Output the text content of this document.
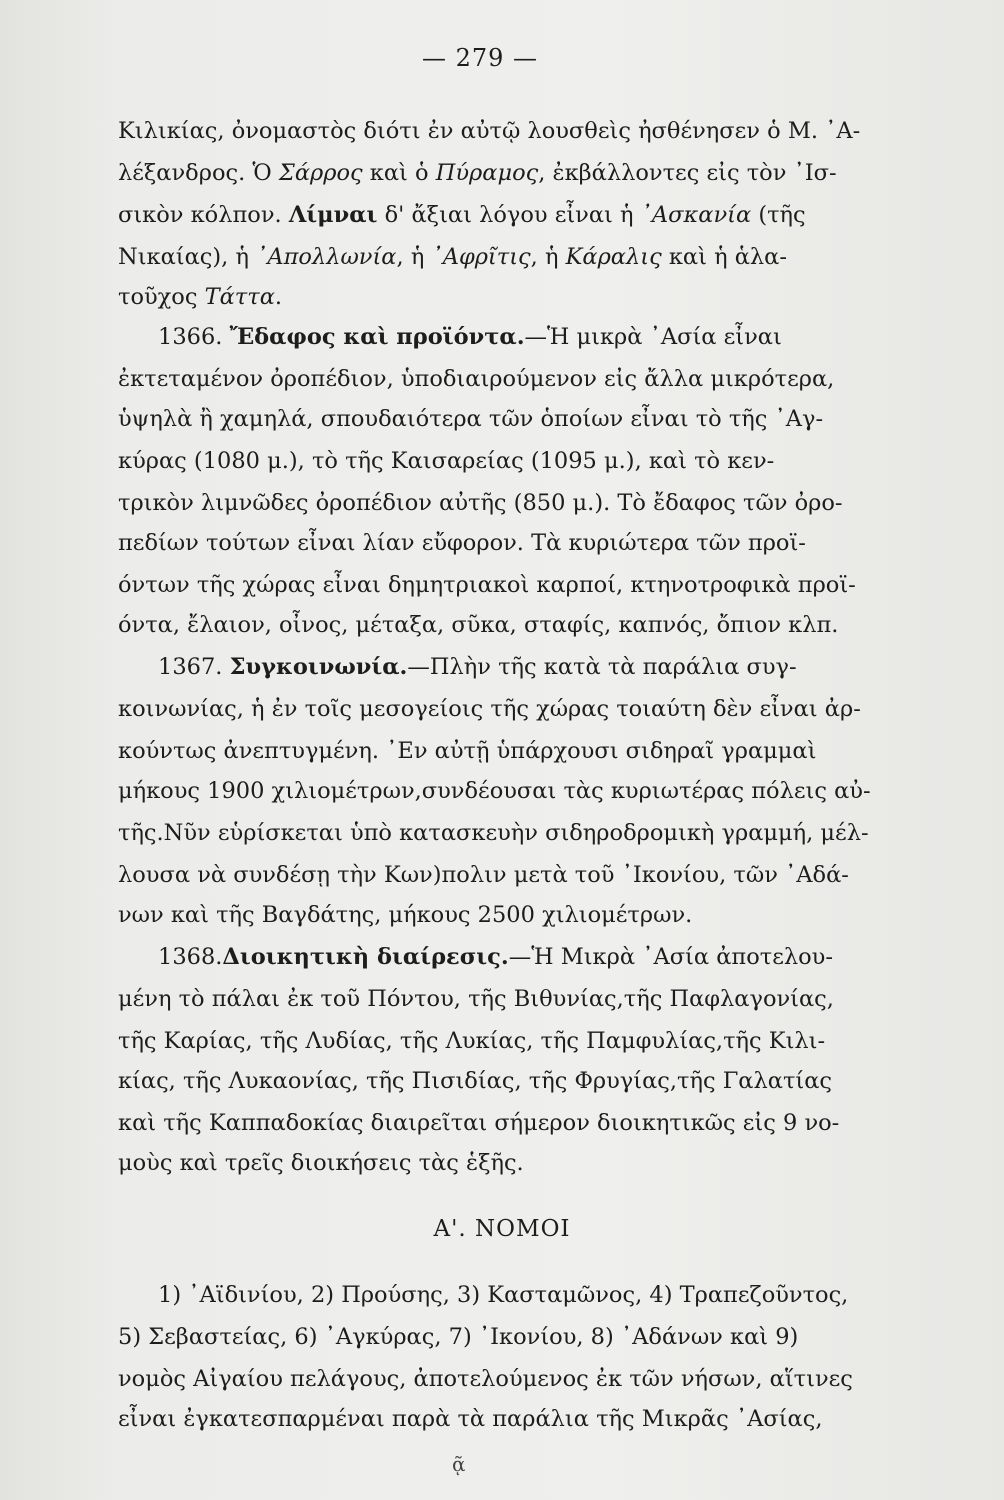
— 279 —
Κιλικίας, ὀνομαστὸς διότι ἐν αὐτῷ λουσθεὶς ἠσθένησεν ὁ Μ. ᾿Α-
λέξανδρος. Ὁ Σάρρος καὶ ὁ Πύραμος, ἐκβάλλοντες εἰς τὸν ᾿Ισ-
σικὸν κόλπον. Λίμναι δ' ἄξιαι λόγου εἶναι ἡ ᾿Ασκανία (τῆς
Νικαίας), ἡ ᾿Απολλωνία, ἡ ᾿Αφρῖτις, ἡ Κάραλις καὶ ἡ ἁλα-
τοῦχος Τάττα.
1366. Ἔδαφος καὶ προϊόντα.—Ἡ μικρὰ ᾿Ασία εἶναι
ἐκτεταμένον ὀροπέδιον, ὑποδιαιρούμενον εἰς ἄλλα μικρότερα,
ὑψηλὰ ἢ χαμηλά, σπουδαιότερα τῶν ὁποίων εἶναι τὸ τῆς ᾿Αγ-
κύρας (1080 μ.), τὸ τῆς Καισαρείας (1095 μ.), καὶ τὸ κεν-
τρικὸν λιμνῶδες ὀροπέδιον αὐτῆς (850 μ.). Τὸ ἔδαφος τῶν ὀρο-
πεδίων τούτων εἶναι λίαν εὔφορον. Τὰ κυριώτερα τῶν προϊ-
όντων τῆς χώρας εἶναι δημητριακοὶ καρποί, κτηνοτροφικὰ προϊ-
όντα, ἔλαιον, οἶνος, μέταξα, σῦκα, σταφίς, καπνός, ὄπιον κλπ.
1367. Συγκοινωνία.—Πλὴν τῆς κατὰ τὰ παράλια συγ-
κοινωνίας, ἡ ἐν τοῖς μεσογείοις τῆς χώρας τοιαύτη δὲν εἶναι ἀρ-
κούντως ἀνεπτυγμένη. ᾿Εν αὐτῇ ὑπάρχουσι σιδηραῖ γραμμαὶ
μήκους 1900 χιλιομέτρων,συνδέουσαι τὰς κυριωτέρας πόλεις αὐ-
τῆς.Νῦν εὑρίσκεται ὑπὸ κατασκευὴν σιδηροδρομικὴ γραμμή, μέλ-
λουσα νὰ συνδέσῃ τὴν Κων)πολιν μετὰ τοῦ ᾿Ικονίου, τῶν ᾿Αδά-
νων καὶ τῆς Βαγδάτης, μήκους 2500 χιλιομέτρων.
1368.Διοικητικὴ διαίρεσις.—Ἡ Μικρὰ ᾿Ασία ἀποτελου-
μένη τὸ πάλαι ἐκ τοῦ Πόντου, τῆς Βιθυνίας,τῆς Παφλαγονίας,
τῆς Καρίας, τῆς Λυδίας, τῆς Λυκίας, τῆς Παμφυλίας,τῆς Κιλι-
κίας, τῆς Λυκαονίας, τῆς Πισιδίας, τῆς Φρυγίας,τῆς Γαλατίας
καὶ τῆς Καππαδοκίας διαιρεῖται σήμερον διοικητικῶς εἰς 9 νο-
μοὺς καὶ τρεῖς διοικήσεις τὰς ἑξῆς.
Α'. ΝΟΜΟΙ
1) ᾿Αϊδινίου, 2) Προύσης, 3) Κασταμῶνος, 4) Τραπεζοῦντος,
5) Σεβαστείας, 6) ᾿Αγκύρας, 7) ᾿Ικονίου, 8) ᾿Αδάνων καὶ 9)
νομὸς Αἰγαίου πελάγους, ἀποτελούμενος ἐκ τῶν νήσων, αἵτινες
εἶναι ἐγκατεσπαρμέναι παρὰ τὰ παράλια τῆς Μικρᾶς ᾿Ασίας,
ᾷ
